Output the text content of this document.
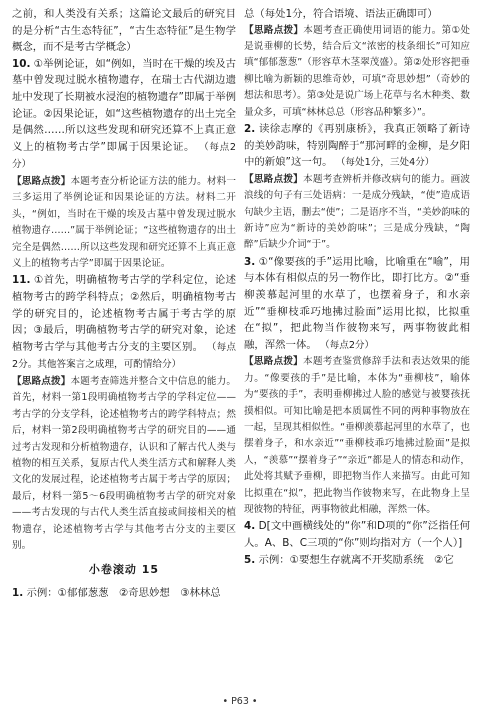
之前，和人类没有关系；这篇论文最后的研究目的是分析“古生态特征”，“古生态特征”是生物学概念，而不是考古学概念）

10. ①举例论证，如“例如，当时在干燥的埃及古墓中曾发现过脱水植物遗存，在瑞士古代湖边遗址中发现了长期被水浸泡的植物遗存”即属于举例论证。②因果论证，如“这些植物遗存的出土完全是偶然……所以这些发现和研究还算不上真正意义上的植物考古学”即属于因果论证。 （每点2分）

【思路点拨】本题考查分析论证方法的能力。材料一三多运用了举例论证和因果论证的方法。材料二开头，“例如，当时在干燥的埃及古墓中曾发现过脱水植物遗存……”属于举例论证；“这些植物遗存的出土完全是偶然……所以这些发现和研究还算不上真正意义上的植物考古学”即属于因果论证。

11. ①首先，明确植物考古学的学科定位，论述植物考古的跨学科特点；②然后，明确植物考古学的研究目的，论述植物考古属于考古学的原因；③最后，明确植物考古学的研究对象，论述植物考古学与其他考古分支的主要区别。 （每点2分。其他答案言之成理，可酌情给分）

【思路点拨】本题考查筛选并整合文中信息的能力。首先，材料一第1段明确植物考古学的学科定位——考古学的分支学科，论述植物考古的跨学科特点；然后，材料一第2段明确植物考古学的研究目的——通过考古发现和分析植物遗存，认识和了解古代人类与植物的相互关系，复原古代人类生活方式和解释人类文化的发展过程，论述植物考古属于考古学的原因；最后，材料一第5～6段明确植物考古学的研究对象——考古发现的与古代人类生活直接或间接相关的植物遗存，论述植物考古学与其他考古分支的主要区别。

小卷滚动 15

1. 示例：①郁郁葱葱　②奇思妙想　③林林总

总（每处1分，符合语境、语法正确即可）

【思路点拨】本题考查正确使用词语的能力。第①处是说垂柳的长势，结合后文“浓密的枝条细长”可知应填“郁郁葱葱”（形容草木茎翠茂盛）。第②处形容把垂柳比喻为新颖的思维奇妙，可填“奇思妙想”（奇妙的想法和思考）。第③处是说广场上花草与名木种类、数量众多，可填“林林总总（形容品种繁多）”。

2. 读徐志摩的《再别康桥》，我真正领略了新诗的美妙韵味，特别陶醉于“那河畔的金柳，是夕阳中的新娘”这一句。 （每处1分，三处4分）

【思路点拨】本题考查辨析并修改病句的能力。画波浪线的句子有三处语病：一是成分残缺，“使”造成语句缺少主语，删去“使”；二是语序不当，“美妙韵味的新诗”应为“新诗的美妙韵味”；三是成分残缺，“陶醉”后缺少介词“于”。

3. ①“像要孩的手”运用比喻，比喻重在“喻”，用与本体有相似点的另一物作比，即打比方。②“垂柳羡慕起河里的水草了，也摆着身子，和水亲近”“垂柳枝乖巧地拂过脸面”运用比拟，比拟重在“拟”，把此物当作彼物来写，两事物彼此相融，浑然一体。 （每点2分）

【思路点拨】本题考查鉴赏修辞手法和表达效果的能力。“像要孩的手”是比喻，本体为“垂柳枝”，喻体为“要孩的手”，表明垂柳拂过人脸的感觉与被婴孩抚摸相似。可知比喻是把本质属性不同的两种事物放在一起，呈现其相似性。“垂柳羡慕起河里的水草了，也摆着身子，和水亲近”“垂柳枝乖巧地拂过脸面”是拟人，“羡慕”“摆着身子”“亲近”都是人的情态和动作，此处将其赋予垂柳，即把物当作人来描写。由此可知比拟重在“拟”，把此物当作彼物来写，在此物身上呈现彼物的特征，两事物彼此相融，浑然一体。

4. D[文中画横线处的“你”和D项的“你”泛指任何人。A、B、C三项的“你”则均指对方（一个人）]

5. 示例：①要想生存就离不开奖励系统　②它

• P63 •
